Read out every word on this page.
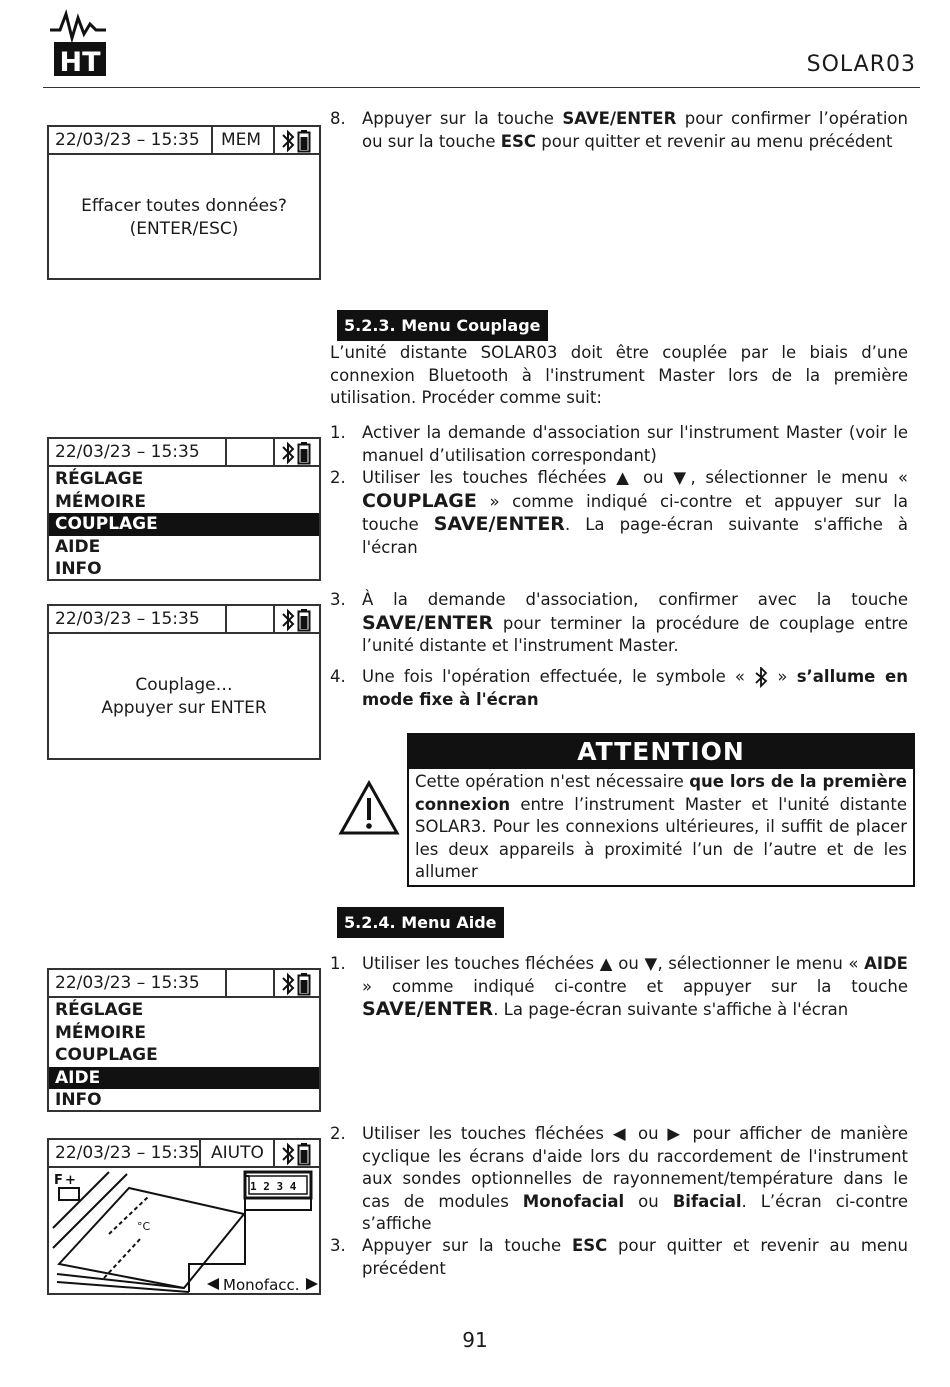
HT	SOLAR03
22/03/23 – 15:35 MEM
Effacer toutes données?
(ENTER/ESC)
22/03/23 – 15:35
RÉGLAGE
MÉMOIRE
COUPLAGE
AIDE
INFO
22/03/23 – 15:35
Couplage…
Appuyer sur ENTER
22/03/23 – 15:35
RÉGLAGE
MÉMOIRE
COUPLAGE
AIDE
INFO
22/03/23 – 15:35 AIUTO
F +
°C
1 2 3 4
Monofacc.
8. Appuyer sur la touche SAVE/ENTER pour confirmer l’opération ou sur la touche ESC pour quitter et revenir au menu précédent
5.2.3. Menu Couplage
L’unité distante SOLAR03 doit être couplée par le biais d’une connexion Bluetooth à l'instrument Master lors de la première utilisation. Procéder comme suit:
1. Activer la demande d'association sur l'instrument Master (voir le manuel d’utilisation correspondant)
2. Utiliser les touches fléchées ▲ ou ▼, sélectionner le menu « COUPLAGE » comme indiqué ci-contre et appuyer sur la touche SAVE/ENTER. La page-écran suivante s'affiche à l'écran
3. À la demande d'association, confirmer avec la touche SAVE/ENTER pour terminer la procédure de couplage entre l’unité distante et l'instrument Master.
4. Une fois l'opération effectuée, le symbole «  » s’allume en mode fixe à l'écran
ATTENTION
Cette opération n'est nécessaire que lors de la première connexion entre l’instrument Master et l'unité distante SOLAR3. Pour les connexions ultérieures, il suffit de placer les deux appareils à proximité l’un de l’autre et de les allumer
5.2.4. Menu Aide
1. Utiliser les touches fléchées ▲ ou ▼, sélectionner le menu « AIDE » comme indiqué ci-contre et appuyer sur la touche SAVE/ENTER. La page-écran suivante s'affiche à l'écran
2. Utiliser les touches fléchées ◀ ou ▶ pour afficher de manière cyclique les écrans d'aide lors du raccordement de l'instrument aux sondes optionnelles de rayonnement/température dans le cas de modules Monofacial ou Bifacial. L’écran ci-contre s’affiche
3. Appuyer sur la touche ESC pour quitter et revenir au menu précédent
91
